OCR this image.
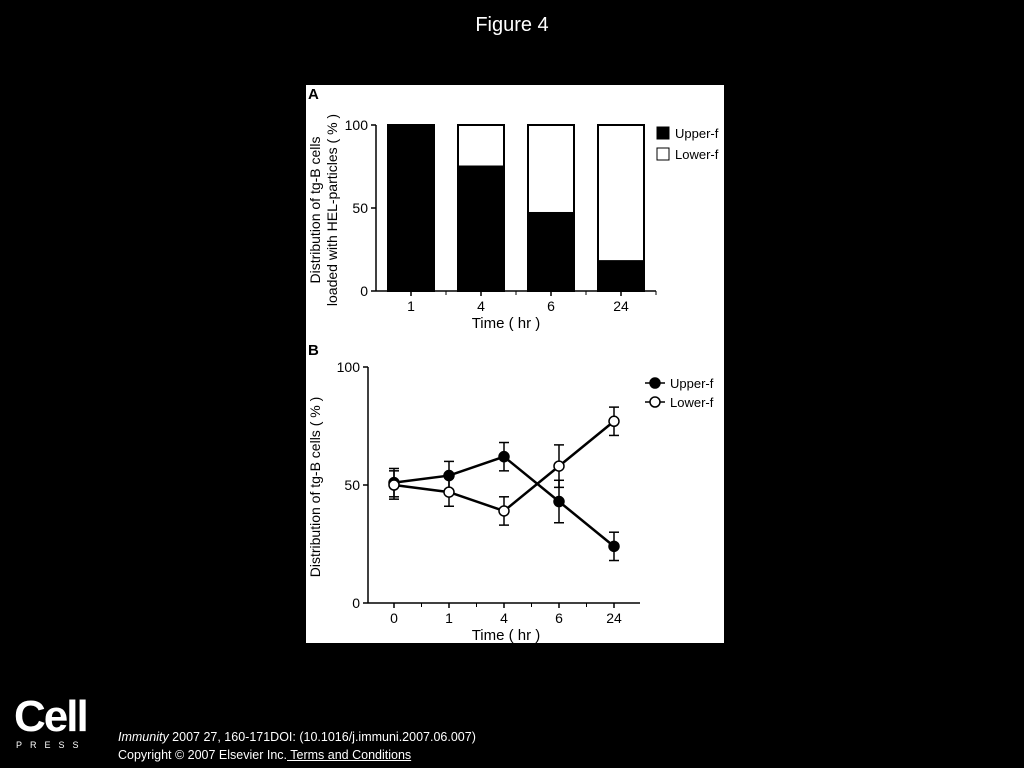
Figure 4
A
0
50
100
1	4	6	24
Time ( hr )
Distribution of tg-B cells loaded with HEL-particles ( % )	Upper-f
Lower-f
B
0
50
100
0	1	4	6	24
Time ( hr )
Distribution of tg-B cells ( % )
Upper-f
Lower-f
Cell
PRESS
Immunity 2007 27, 160-171DOI: (10.1016/j.immuni.2007.06.007)
Copyright © 2007 Elsevier Inc. Terms and Conditions
